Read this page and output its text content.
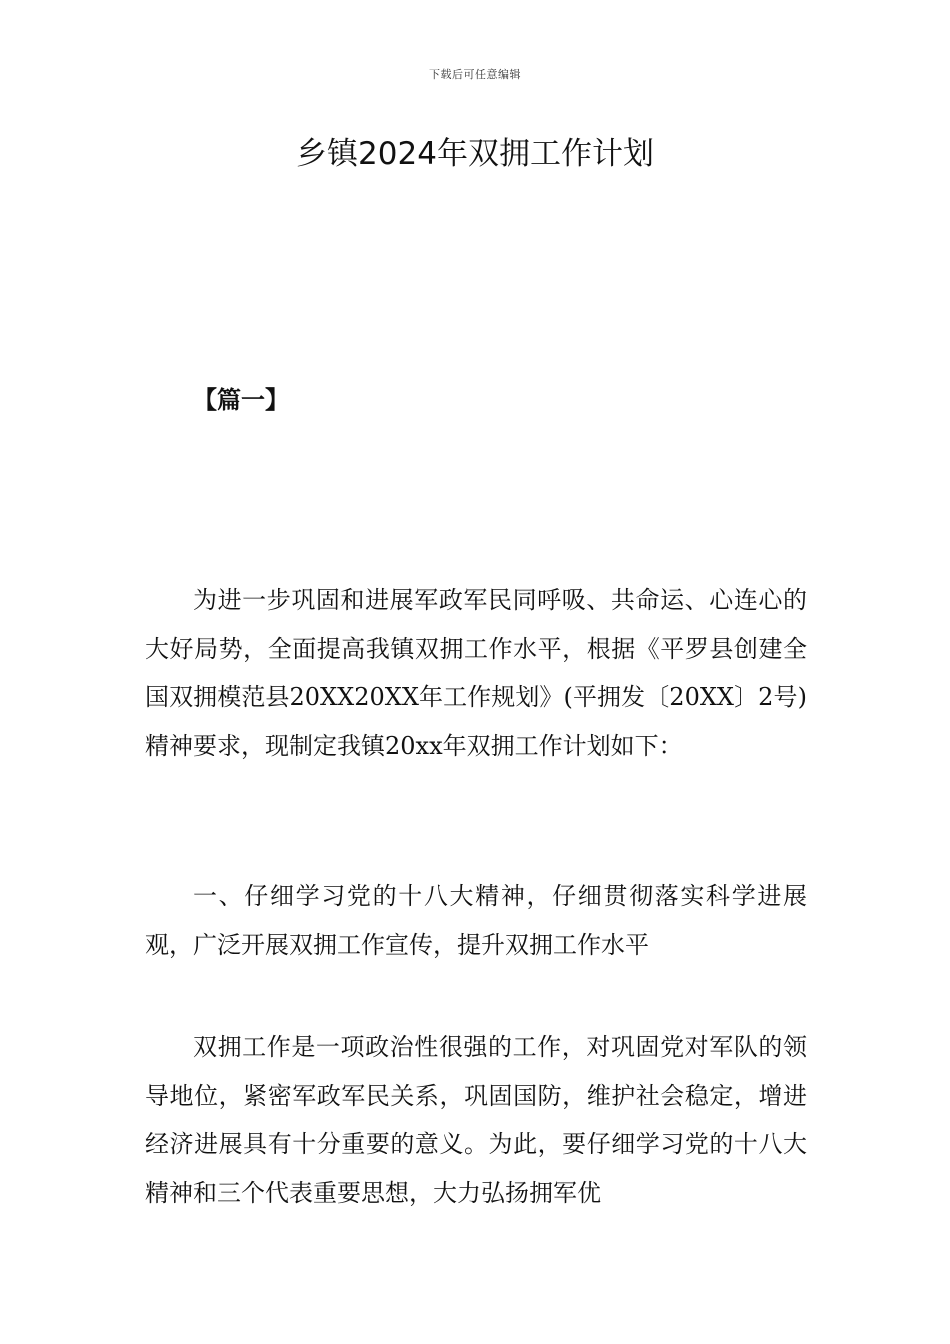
下载后可任意编辑
乡镇2024年双拥工作计划

【篇一】

为进一步巩固和进展军政军民同呼吸、共命运、心连心的大好局势，全面提高我镇双拥工作水平，根据《平罗县创建全国双拥模范县20XX20XX年工作规划》(平拥发〔20XX〕2号)精神要求，现制定我镇20xx年双拥工作计划如下：

一、仔细学习党的十八大精神，仔细贯彻落实科学进展观，广泛开展双拥工作宣传，提升双拥工作水平

双拥工作是一项政治性很强的工作，对巩固党对军队的领导地位，紧密军政军民关系，巩固国防，维护社会稳定，增进经济进展具有十分重要的意义。为此，要仔细学习党的十八大精神和三个代表重要思想，大力弘扬拥军优
